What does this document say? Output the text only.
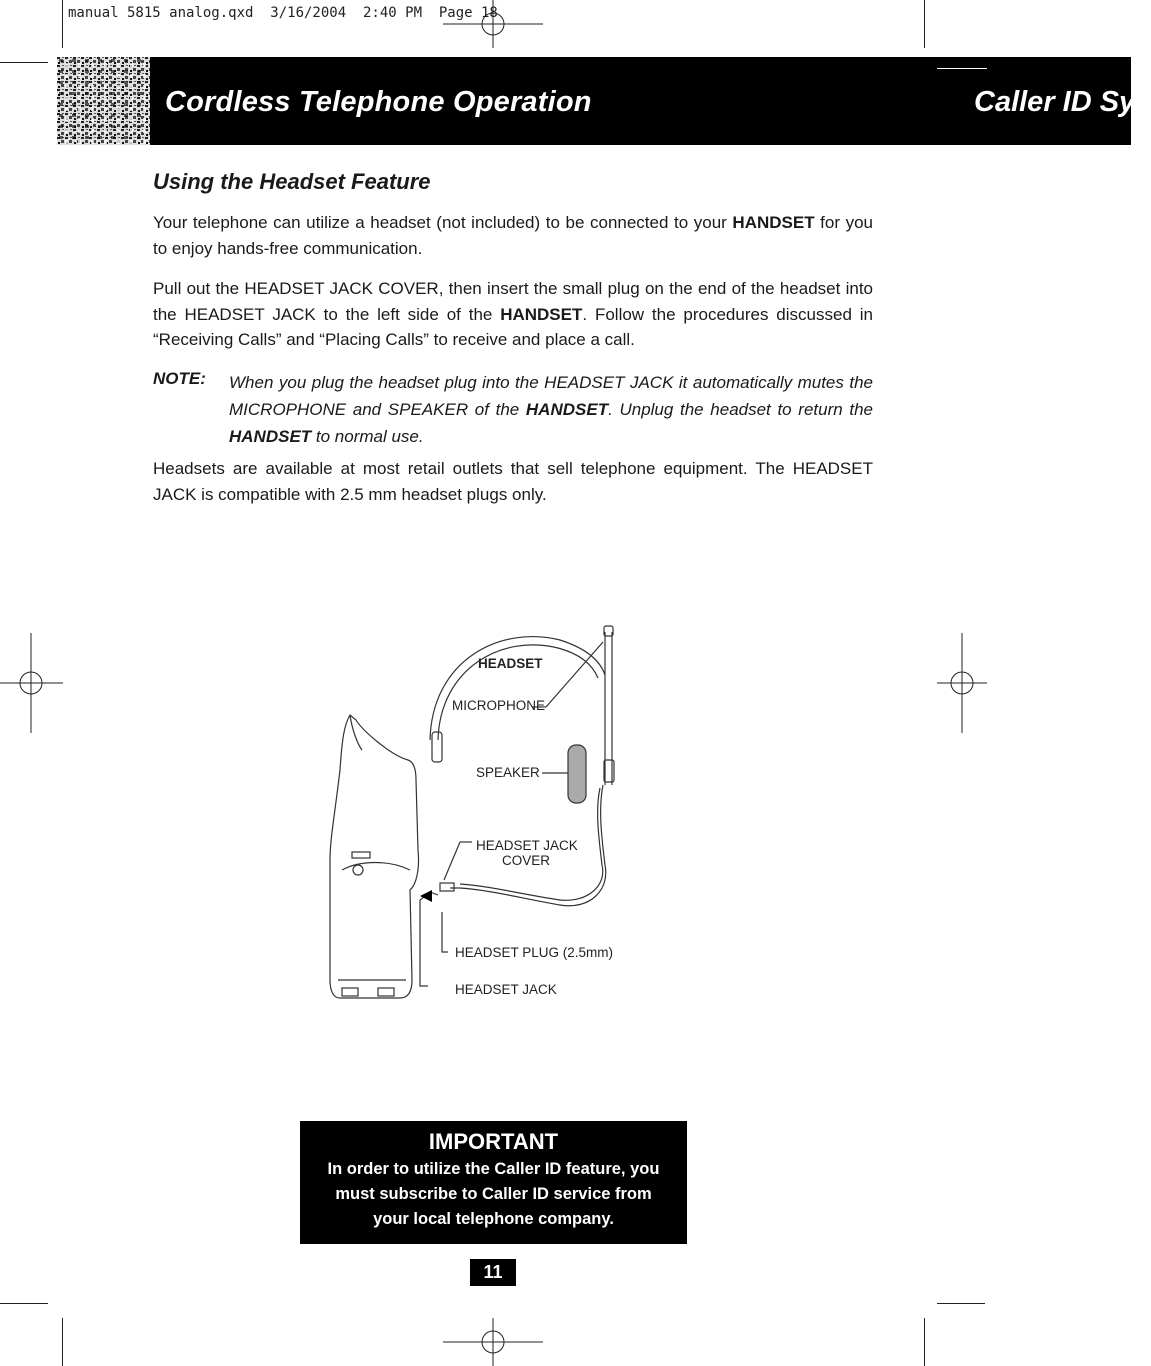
manual 5815 analog.qxd  3/16/2004  2:40 PM  Page 18
Cordless Telephone Operation	Caller ID Sys
Using the Headset Feature
Your telephone can utilize a headset (not included) to be connected to your HANDSET for you to enjoy hands-free communication.
Pull out the HEADSET JACK COVER, then insert the small plug on the end of the headset into the HEADSET JACK to the left side of the HANDSET. Follow the procedures discussed in “Receiving Calls” and “Placing Calls” to receive and place a call.
NOTE: When you plug the headset plug into the HEADSET JACK it automatically mutes the MICROPHONE and SPEAKER of the HANDSET. Unplug the headset to return the HANDSET to normal use.
Headsets are available at most retail outlets that sell telephone equipment. The HEADSET JACK is compatible with 2.5 mm headset plugs only.
HEADSET
MICROPHONE
SPEAKER
HEADSET JACK
COVER
HEADSET PLUG (2.5mm)
HEADSET JACK
IMPORTANT
In order to utilize the Caller ID feature, you
must subscribe to Caller ID service from
your local telephone company.
11
